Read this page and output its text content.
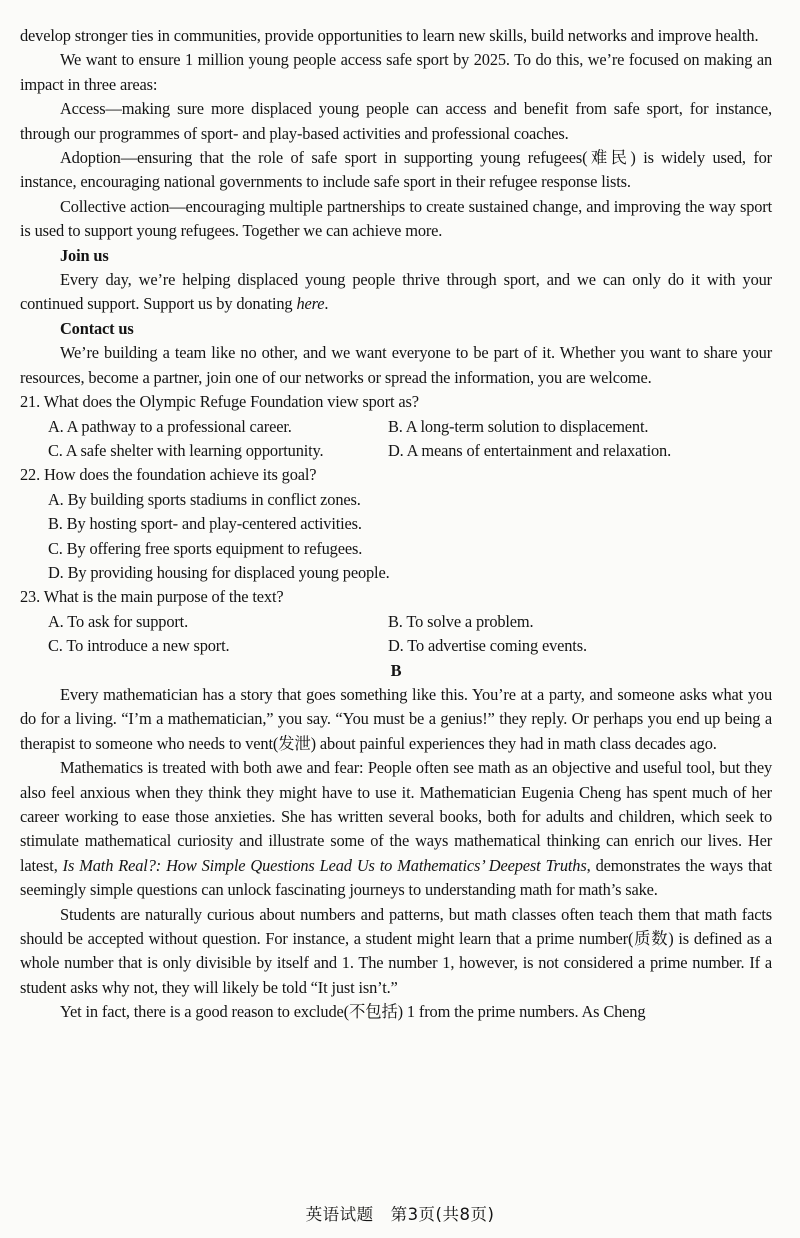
develop stronger ties in communities, provide opportunities to learn new skills, build networks and improve health.

We want to ensure 1 million young people access safe sport by 2025. To do this, we’re focused on making an impact in three areas:

Access—making sure more displaced young people can access and benefit from safe sport, for instance, through our programmes of sport- and play-based activities and professional coaches.

Adoption—ensuring that the role of safe sport in supporting young refugees(难民) is widely used, for instance, encouraging national governments to include safe sport in their refugee response lists.

Collective action—encouraging multiple partnerships to create sustained change, and improving the way sport is used to support young refugees. Together we can achieve more.

Join us

Every day, we’re helping displaced young people thrive through sport, and we can only do it with your continued support. Support us by donating here.

Contact us

We’re building a team like no other, and we want everyone to be part of it. Whether you want to share your resources, become a partner, join one of our networks or spread the information, you are welcome.

21. What does the Olympic Refuge Foundation view sport as?

A. A pathway to a professional career.	B. A long-term solution to displacement.
C. A safe shelter with learning opportunity.	D. A means of entertainment and relaxation.

22. How does the foundation achieve its goal?

A. By building sports stadiums in conflict zones.
B. By hosting sport- and play-centered activities.
C. By offering free sports equipment to refugees.
D. By providing housing for displaced young people.

23. What is the main purpose of the text?

A. To ask for support.	B. To solve a problem.
C. To introduce a new sport.	D. To advertise coming events.

B

Every mathematician has a story that goes something like this. You’re at a party, and someone asks what you do for a living. “I’m a mathematician,” you say. “You must be a genius!” they reply. Or perhaps you end up being a therapist to someone who needs to vent(发泄) about painful experiences they had in math class decades ago.

Mathematics is treated with both awe and fear: People often see math as an objective and useful tool, but they also feel anxious when they think they might have to use it. Mathematician Eugenia Cheng has spent much of her career working to ease those anxieties. She has written several books, both for adults and children, which seek to stimulate mathematical curiosity and illustrate some of the ways mathematical thinking can enrich our lives. Her latest, Is Math Real?: How Simple Questions Lead Us to Mathematics’ Deepest Truths, demonstrates the ways that seemingly simple questions can unlock fascinating journeys to understanding math for math’s sake.

Students are naturally curious about numbers and patterns, but math classes often teach them that math facts should be accepted without question. For instance, a student might learn that a prime number(质数) is defined as a whole number that is only divisible by itself and 1. The number 1, however, is not considered a prime number. If a student asks why not, they will likely be told “It just isn’t.”

Yet in fact, there is a good reason to exclude(不包括) 1 from the prime numbers. As Cheng

英语试题　第3页(共8页)
